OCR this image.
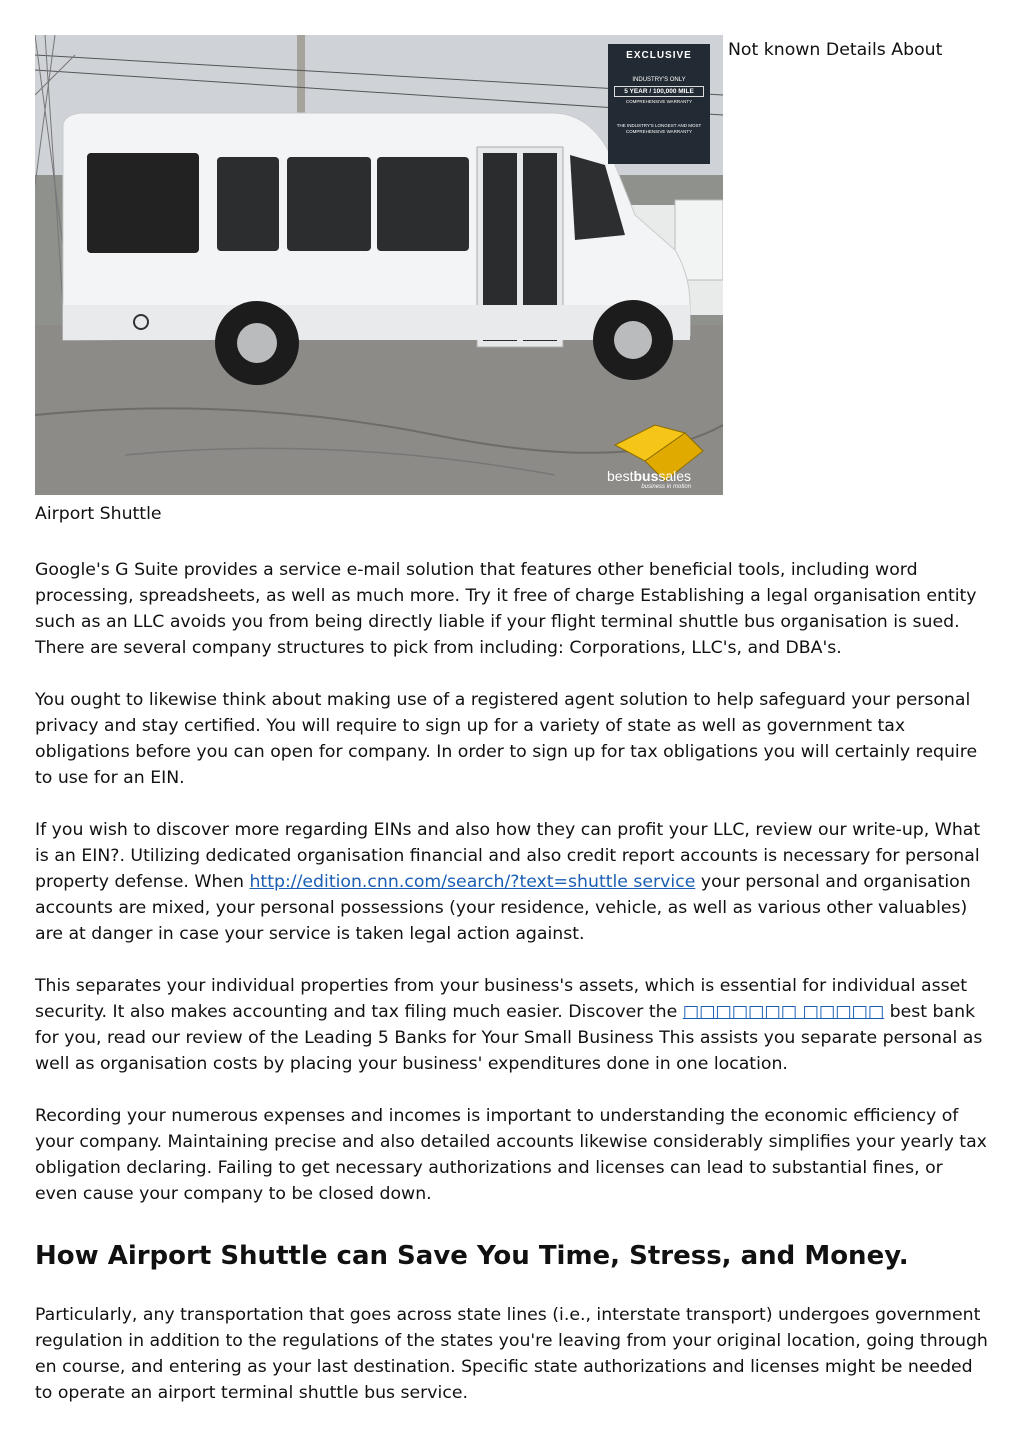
EXCLUSIVE
INDUSTRY'S ONLY
5 YEAR / 100,000 MILE
COMPREHENSIVE WARRANTY
THE INDUSTRY'S LONGEST AND MOST COMPREHENSIVE WARRANTY
bestbussales
business in motion
Not known Details About

Airport Shuttle

Google's G Suite provides a service e-mail solution that features other beneficial tools, including word processing, spreadsheets, as well as much more. Try it free of charge Establishing a legal organisation entity such as an LLC avoids you from being directly liable if your flight terminal shuttle bus organisation is sued. There are several company structures to pick from including: Corporations, LLC's, and DBA's.

You ought to likewise think about making use of a registered agent solution to help safeguard your personal privacy and stay certified. You will require to sign up for a variety of state as well as government tax obligations before you can open for company. In order to sign up for tax obligations you will certainly require to use for an EIN.

If you wish to discover more regarding EINs and also how they can profit your LLC, review our write-up, What is an EIN?. Utilizing dedicated organisation financial and also credit report accounts is necessary for personal property defense. When http://edition.cnn.com/search/?text=shuttle service your personal and organisation accounts are mixed, your personal possessions (your residence, vehicle, as well as various other valuables) are at danger in case your service is taken legal action against.

This separates your individual properties from your business's assets, which is essential for individual asset security. It also makes accounting and tax filing much easier. Discover the □□□□□□□ □□□□□ best bank for you, read our review of the Leading 5 Banks for Your Small Business This assists you separate personal as well as organisation costs by placing your business' expenditures done in one location.

Recording your numerous expenses and incomes is important to understanding the economic efficiency of your company. Maintaining precise and also detailed accounts likewise considerably simplifies your yearly tax obligation declaring. Failing to get necessary authorizations and licenses can lead to substantial fines, or even cause your company to be closed down.

How Airport Shuttle can Save You Time, Stress, and Money.

Particularly, any transportation that goes across state lines (i.e., interstate transport) undergoes government regulation in addition to the regulations of the states you're leaving from your original location, going through en course, and entering as your last destination. Specific state authorizations and licenses might be needed to operate an airport terminal shuttle bus service.
